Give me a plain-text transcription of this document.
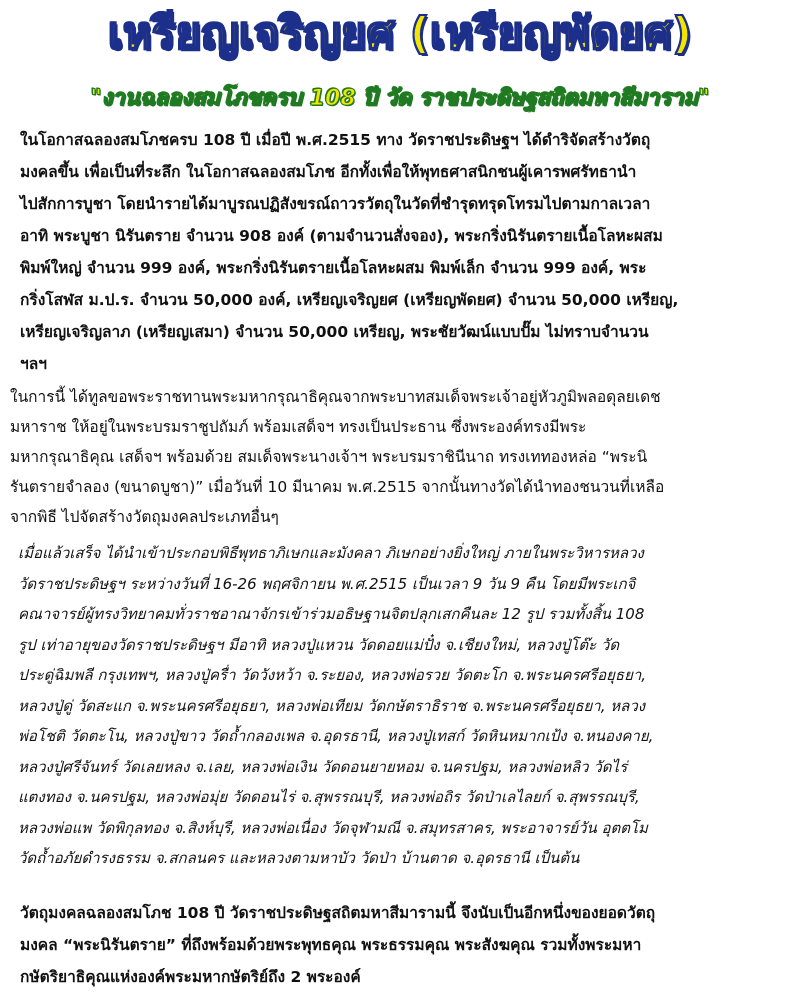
เหรียญเจริญยศ (เหรียญพัดยศ)
"งานฉลองสมโภชครบ 108 ปี วัด ราชประดิษฐสถิตมหาสีมาราม"
ในโอกาสฉลองสมโภชครบ 108 ปี เมื่อปี พ.ศ.2515 ทาง วัดราชประดิษฐฯ ได้ดำริจัดสร้างวัตถุ
มงคลขึ้น เพื่อเป็นที่ระลึก ในโอกาสฉลองสมโภช อีกทั้งเพื่อให้พุทธศาสนิกชนผู้เคารพศรัทธานำ
ไปสักการบูชา โดยนำรายได้มาบูรณปฏิสังขรณ์ถาวรวัตถุในวัดที่ชำรุดทรุดโทรมไปตามกาลเวลา
อาทิ พระบูชา นิรันตราย จำนวน 908 องค์ (ตามจำนวนสั่งจอง), พระกริ่งนิรันตรายเนื้อโลหะผสม
พิมพ์ใหญ่ จำนวน 999 องค์, พระกริ่งนิรันตรายเนื้อโลหะผสม พิมพ์เล็ก จำนวน 999 องค์, พระ
กริ่งโสฬส ม.ป.ร. จำนวน 50,000 องค์, เหรียญเจริญยศ (เหรียญพัดยศ) จำนวน 50,000 เหรียญ,
เหรียญเจริญลาภ (เหรียญเสมา) จำนวน 50,000 เหรียญ, พระชัยวัฒน์แบบปั๊ม ไม่ทราบจำนวน
ฯลฯ
ในการนี้ ได้ทูลขอพระราชทานพระมหากรุณาธิคุณจากพระบาทสมเด็จพระเจ้าอยู่หัวภูมิพลอดุลยเดช
มหาราช ให้อยู่ในพระบรมราชูปถัมภ์ พร้อมเสด็จฯ ทรงเป็นประธาน ซึ่งพระองค์ทรงมีพระ
มหากรุณาธิคุณ เสด็จฯ พร้อมด้วย สมเด็จพระนางเจ้าฯ พระบรมราชินีนาถ ทรงเททองหล่อ “พระนิ
รันตรายจำลอง (ขนาดบูชา)” เมื่อวันที่ 10 มีนาคม พ.ศ.2515 จากนั้นทางวัดได้นำทองชนวนที่เหลือ
จากพิธี ไปจัดสร้างวัตถุมงคลประเภทอื่นๆ
เมื่อแล้วเสร็จ ได้นำเข้าประกอบพิธีพุทธาภิเษกและมังคลา ภิเษกอย่างยิ่งใหญ่ ภายในพระวิหารหลวง
วัดราชประดิษฐฯ ระหว่างวันที่ 16-26 พฤศจิกายน พ.ศ.2515 เป็นเวลา 9 วัน 9 คืน โดยมีพระเกจิ
คณาจารย์ผู้ทรงวิทยาคมทั่วราชอาณาจักรเข้าร่วมอธิษฐานจิตปลุกเสกคืนละ 12 รูป รวมทั้งสิ้น 108
รูป เท่าอายุของวัดราชประดิษฐฯ มีอาทิ หลวงปู่แหวน วัดดอยแม่ปั๋ง จ.เชียงใหม่, หลวงปู่โต๊ะ วัด
ประดู่ฉิมพลี กรุงเทพฯ, หลวงปู่ครื่า วัดวังหว้า จ.ระยอง, หลวงพ่อรวย วัดตะโก จ.พระนครศรีอยุธยา,
หลวงปู่ดู่ วัดสะแก จ.พระนครศรีอยุธยา, หลวงพ่อเทียม วัดกษัตราธิราช จ.พระนครศรีอยุธยา, หลวง
พ่อโชติ วัดตะโน, หลวงปู่ขาว วัดถ้ำกลองเพล จ.อุดรธานี, หลวงปู่เทสก์ วัดหินหมากเป้ง จ.หนองคาย,
หลวงปู่ศรีจันทร์ วัดเลยหลง จ.เลย, หลวงพ่อเงิน วัดดอนยายหอม จ.นครปฐม, หลวงพ่อหลิว วัดไร่
แตงทอง จ.นครปฐม, หลวงพ่อมุ่ย วัดดอนไร่ จ.สุพรรณบุรี, หลวงพ่อถิร วัดป่าเลไลยก์ จ.สุพรรณบุรี,
หลวงพ่อแพ วัดพิกุลทอง จ.สิงห์บุรี, หลวงพ่อเนื่อง วัดจุฬามณี จ.สมุทรสาคร, พระอาจารย์วัน อุตตโม
วัดถ้ำอภัยดำรงธรรม จ.สกลนคร และหลวงตามหาบัว วัดป่า บ้านตาด จ.อุดรธานี เป็นต้น
วัตถุมงคลฉลองสมโภช 108 ปี วัดราชประดิษฐสถิตมหาสีมารามนี้ จึงนับเป็นอีกหนึ่งของยอดวัตถุ
มงคล “พระนิรันตราย” ที่ถึงพร้อมด้วยพระพุทธคุณ พระธรรมคุณ พระสังฆคุณ รวมทั้งพระมหา
กษัตริยาธิคุณแห่งองค์พระมหากษัตริย์ถึง 2 พระองค์
